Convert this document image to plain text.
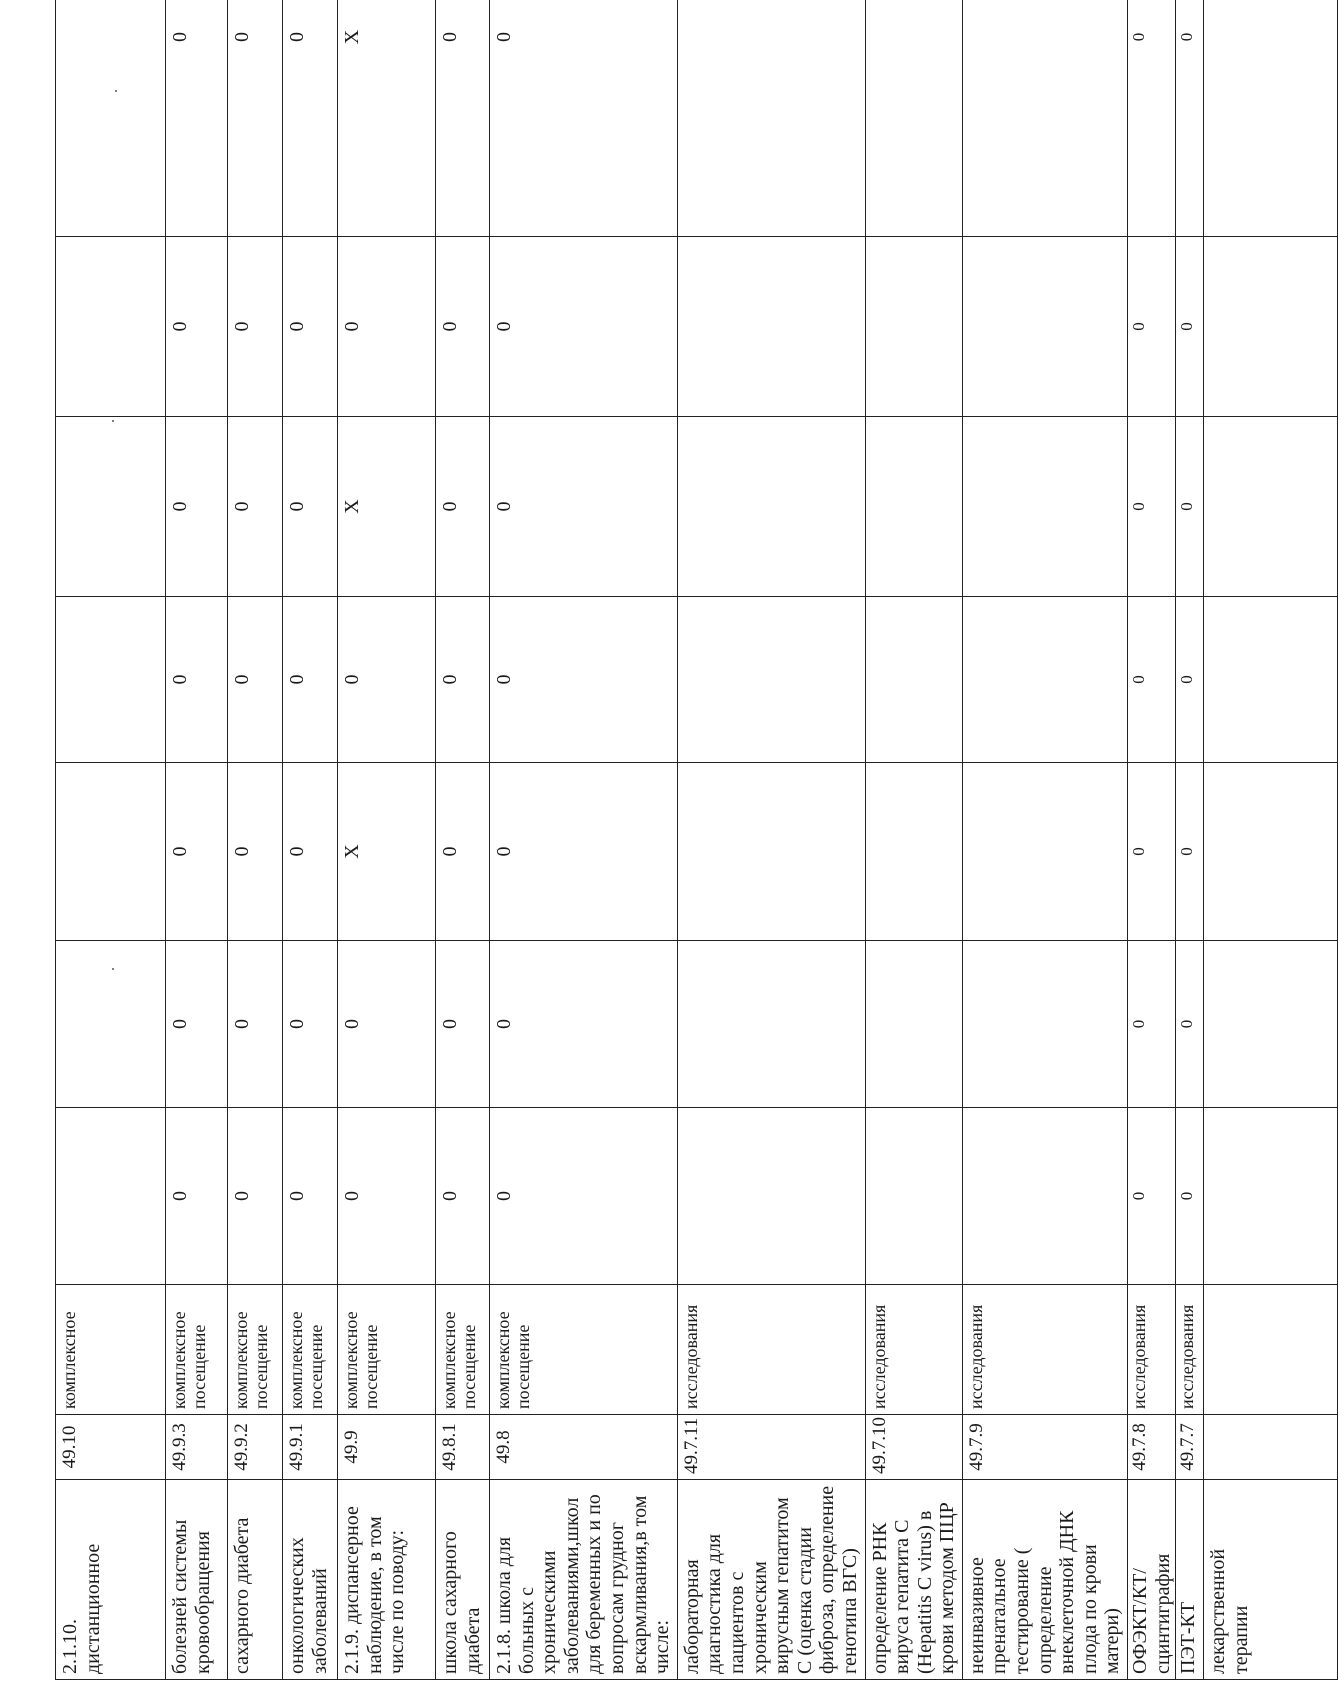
2.1.10. дистанционное	49.10	комплексное							
болезней системы кровообращения	49.9.3	комплексное посещение	0	0	0	0	0	0	0
сахарного диабета	49.9.2	комплексное посещение	0	0	0	0	0	0	0
онкологических заболеваний	49.9.1	комплексное посещение	0	0	0	0	0	0	0
2.1.9. диспансерное наблюдение, в том числе по поводу:	49.9	комплексное посещение	0	0	X	0	X	0	X
школа сахарного диабета	49.8.1	комплексное посещение	0	0	0	0	0	0	0
2.1.8. школа для больных с хроническими заболеваниями,школ для беременных и по вопросам грудног вскармливания,в том числе:	49.8	комплексное посещение	0	0	0	0	0	0	0
лабораторная диагностика для пациентов с хроническим вирусным гепатитом С (оценка стадии фиброза, определение генотипа ВГС)	49.7.11	исследования							
определение РНК вируса гепатита С (Hepatitis C virus) в крови методом ПЦР	49.7.10	исследования							
неинвазивное пренатальное тестирование ( определение внеклеточной ДНК плода по крови матери)	49.7.9	исследования							
ОФЭКТ/КТ/сцинтиграфия	49.7.8	исследования	0	0	0	0	0	0	0
ПЭТ-КТ	49.7.7	исследования	0	0	0	0	0	0	0
лекарственной терапии									
